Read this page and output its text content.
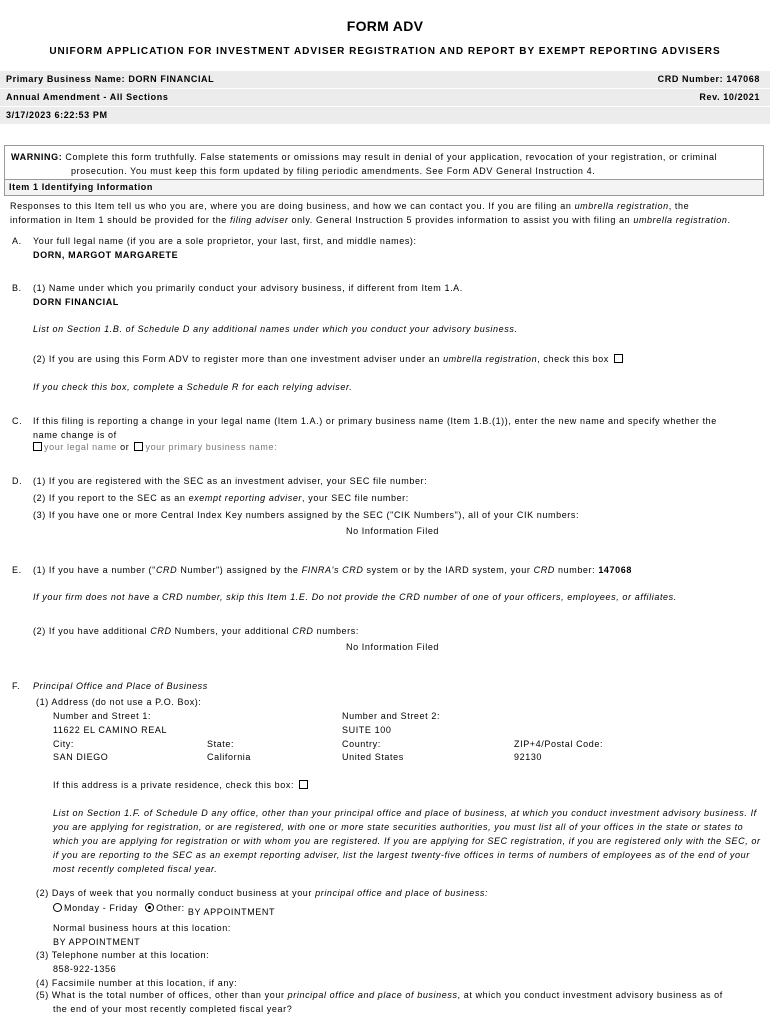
FORM ADV
UNIFORM APPLICATION FOR INVESTMENT ADVISER REGISTRATION AND REPORT BY EXEMPT REPORTING ADVISERS
Primary Business Name: DORN FINANCIAL	CRD Number: 147068
Annual Amendment - All Sections	Rev. 10/2021
3/17/2023 6:22:53 PM
WARNING: Complete this form truthfully. False statements or omissions may result in denial of your application, revocation of your registration, or criminal
prosecution. You must keep this form updated by filing periodic amendments. See Form ADV General Instruction 4.
Item 1 Identifying Information
Responses to this Item tell us who you are, where you are doing business, and how we can contact you. If you are filing an umbrella registration, the
information in Item 1 should be provided for the filing adviser only. General Instruction 5 provides information to assist you with filing an umbrella registration.
A. Your full legal name (if you are a sole proprietor, your last, first, and middle names):
DORN, MARGOT MARGARETE
B. (1) Name under which you primarily conduct your advisory business, if different from Item 1.A.
DORN FINANCIAL
List on Section 1.B. of Schedule D any additional names under which you conduct your advisory business.
(2) If you are using this Form ADV to register more than one investment adviser under an umbrella registration, check this box
If you check this box, complete a Schedule R for each relying adviser.
C. If this filing is reporting a change in your legal name (Item 1.A.) or primary business name (Item 1.B.(1)), enter the new name and specify whether the
name change is of
your legal name or your primary business name:
D. (1) If you are registered with the SEC as an investment adviser, your SEC file number:
(2) If you report to the SEC as an exempt reporting adviser, your SEC file number:
(3) If you have one or more Central Index Key numbers assigned by the SEC ("CIK Numbers"), all of your CIK numbers:
No Information Filed
E. (1) If you have a number ("CRD Number") assigned by the FINRA's CRD system or by the IARD system, your CRD number: 147068
If your firm does not have a CRD number, skip this Item 1.E. Do not provide the CRD number of one of your officers, employees, or affiliates.
(2) If you have additional CRD Numbers, your additional CRD numbers:
No Information Filed
F. Principal Office and Place of Business
(1) Address (do not use a P.O. Box):
Number and Street 1:
11622 EL CAMINO REAL
Number and Street 2:
SUITE 100
City:
SAN DIEGO
State:
California
Country:
United States
ZIP+4/Postal Code:
92130
If this address is a private residence, check this box:
List on Section 1.F. of Schedule D any office, other than your principal office and place of business, at which you conduct investment advisory business. If
you are applying for registration, or are registered, with one or more state securities authorities, you must list all of your offices in the state or states to
which you are applying for registration or with whom you are registered. If you are applying for SEC registration, if you are registered only with the SEC, or
if you are reporting to the SEC as an exempt reporting adviser, list the largest twenty-five offices in terms of numbers of employees as of the end of your
most recently completed fiscal year.
(2) Days of week that you normally conduct business at your principal office and place of business:
Monday - Friday Other: BY APPOINTMENT
Normal business hours at this location:
BY APPOINTMENT
(3) Telephone number at this location:
858-922-1356
(4) Facsimile number at this location, if any:
(5) What is the total number of offices, other than your principal office and place of business, at which you conduct investment advisory business as of
the end of your most recently completed fiscal year?
